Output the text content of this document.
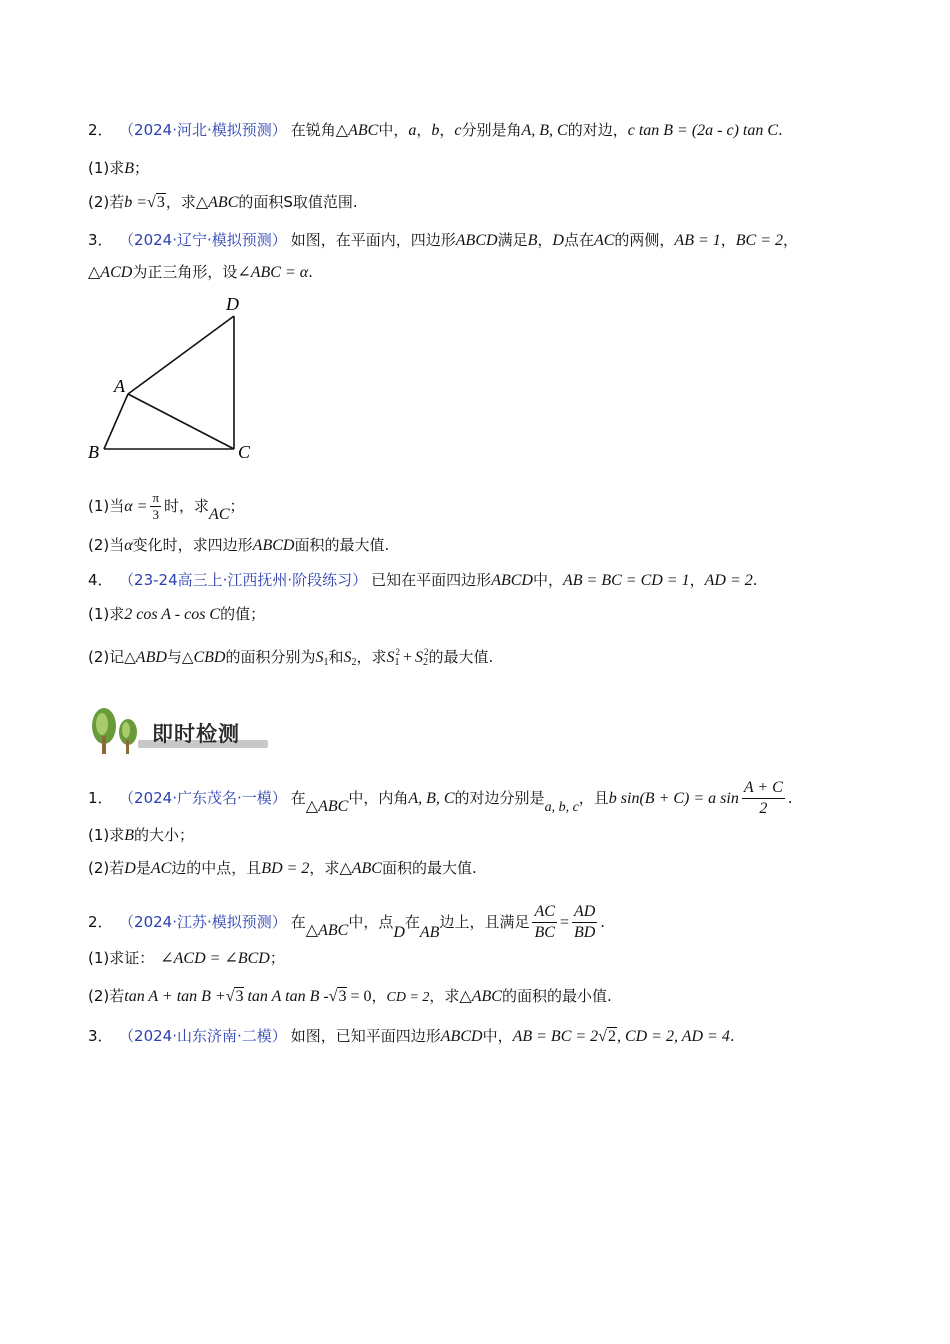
2． （2024·河北·模拟预测） 在锐角△ABC中，a，b，c分别是角A, B, C的对边，c tan B = (2a - c) tan C.
(1)求B；
(2)若b =√3，求△ABC的面积S取值范围.
3． （2024·辽宁·模拟预测） 如图，在平面内，四边形ABCD满足B，D点在AC的两侧，AB = 1，BC = 2，
△ACD为正三角形，设∠ABC = α.
A
B	C
D
(1)当$\alpha = \frac{\pi}{3}$ 时，求AC；
(2)当α变化时，求四边形ABCD面积的最大值.
4． （23-24高三上·江西抚州·阶段练习） 已知在平面四边形ABCD中，AB = BC = CD = 1，AD = 2.
(1)求2 cos A - cos C的值；
(2)记△ABD与△CBD的面积分别为$S_1$和$S_2$，求$S_1^2 + S_2^2$的最大值.
即时检测
1． （2024·广东茂名·一模） 在△ABC中，内角A, B, C的对边分别是a, b, c，且b sin(B + C) = a $\sin \frac{A + C}{2}$ .
(1)求B的大小；
(2)若D是AC边的中点，且BD = 2，求△ABC面积的最大值.
2． （2024·江苏·模拟预测） 在△ABC中，点D在AB边上，且满足 $\frac{AC}{BC} = \frac{AD}{BD}$ .
(1)求证： ∠ACD = ∠BCD；
(2)若tan A + tan B +√3 tan A tan B -√3 = 0，CD = 2，求△ABC的面积的最小值.
3． （2024·山东济南·二模） 如图，已知平面四边形ABCD中，AB = BC = 2√2, CD = 2, AD = 4.
